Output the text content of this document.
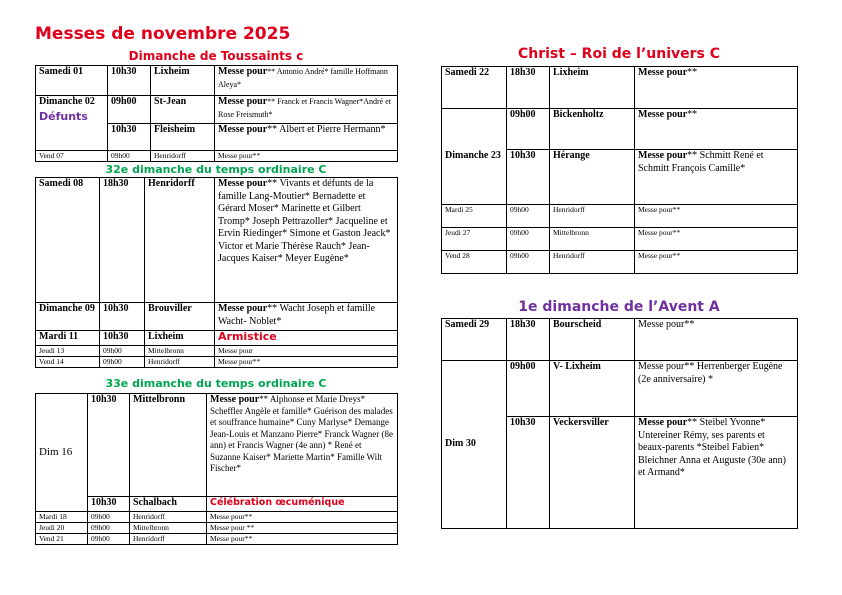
Messes de novembre 2025
Dimanche de Toussaints c
Samedi 01	10h30	Lixheim	Messe pour** Antonio André* famille Hoffmann Aleya*

Dimanche 02
Défunts	09h00	St-Jean	Messe pour** Franck et Francis Wagner*André et Rose Freismuth*
	10h30	Fleisheim	Messe pour** Albert et Pierre Hermann*
Vend 07	09h00	Henridorff	Messe pour**
32e dimanche du temps ordinaire C
Samedi 08	18h30	Henridorff	Messe pour** Vivants et défunts de la famille Lang-Moutier* Bernadette et Gérard Moser* Marinette et Gilbert Tromp* Joseph Pettrazoller* Jacqueline et Ervin Riedinger* Simone et Gaston Jeack* Victor et Marie Thérèse Rauch* Jean-Jacques Kaiser* Meyer Eugène*
Dimanche 09	10h30	Brouviller	Messe pour** Wacht Joseph et famille Wacht- Noblet*
Mardi 11	10h30	Lixheim	Armistice
Jeudi 13	09h00	Mittelbronn	Messe pour
Vend 14	09h00	Henridorff	Messe pour**
33e dimanche du temps ordinaire C
Dim 16	10h30	Mittelbronn	Messe pour** Alphonse et Marie Dreys* Scheffler Angèle et famille* Guérison des malades et souffrance humaine* Cuny Marlyse* Demange Jean-Louis et Manzano Pierre* Franck Wagner (8e ann) et Francis Wagner (4e ann) * René et Suzanne Kaiser* Mariette Martin* Famille Wilt Fischer*
	10h30	Schalbach	Célébration œcuménique
Mardi 18	09h00	Henridorff	Messe pour**
Jeudi 20	09h00	Mittelbronn	Messe pour **
Vend 21	09h00	Henridorff	Messe pour**
Christ – Roi de l’univers C
Samedi 22	18h30	Lixheim	Messe pour**
Dimanche 23	09h00	Bickenholtz	Messe pour**
	10h30	Hérange	Messe pour** Schmitt René et Schmitt François Camille*
Mardi 25	09h00	Henridorff	Messe pour**
Jeudi 27	09h00	Mittelbronn	Messe pour**
Vend 28	09h00	Henridorff	Messe pour**
1e dimanche de l’Avent A
Samedi 29	18h30	Bourscheid	Messe pour**
Dim 30	09h00	V- Lixheim	Messe pour** Herrenberger Eugène (2e anniversaire) *
	10h30	Veckersviller	Messe pour** Steibel Yvonne* Untereiner Rémy, ses parents et beaux-parents *Steibel Fabien* Bleichner Anna et Auguste (30e ann) et Armand*
